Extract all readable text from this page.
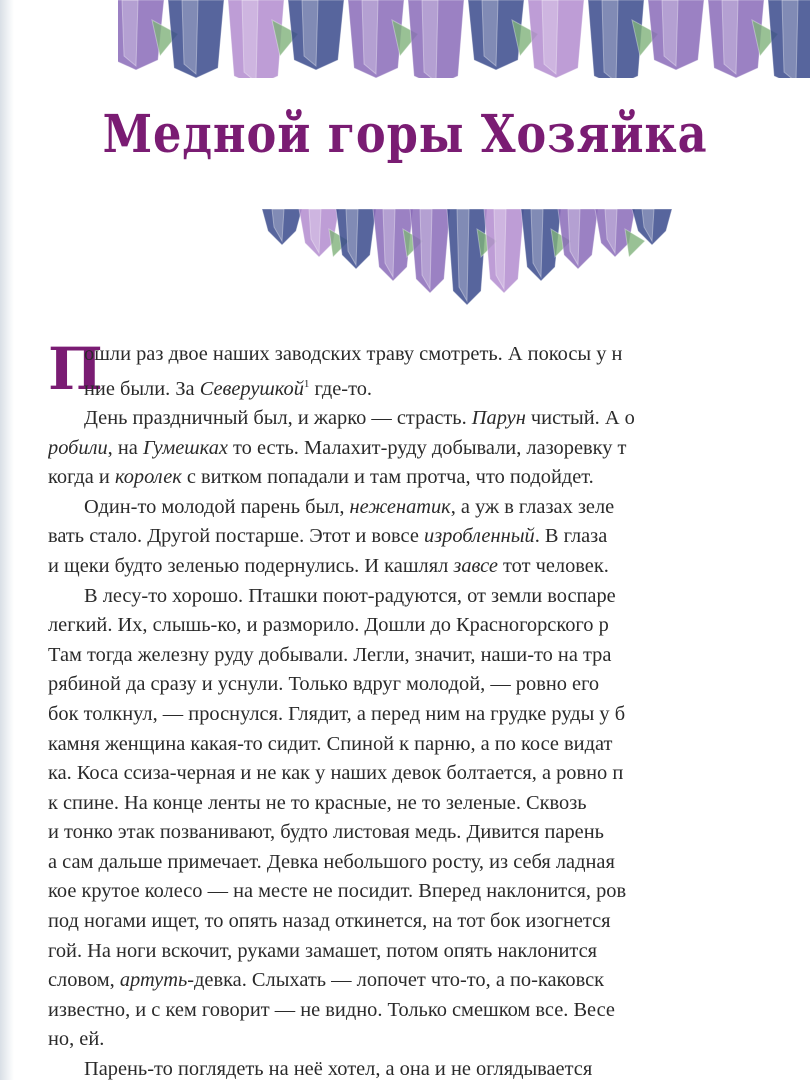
Медной горы Хозяйка
П
ошли раз двое наших заводских траву смотреть. А покосы у н
ние были. За Северушкой$^1$ где-то.
День праздничный был, и жарко — страсть. Парун чистый. А о
робили, на Гумешках то есть. Малахит-руду добывали, лазоревку т
когда и королек с витком попадали и там протча, что подойдет.
Один-то молодой парень был, неженатик, а уж в глазах зеле
вать стало. Другой постарше. Этот и вовсе изробленный. В глаза
и щеки будто зеленью подернулись. И кашлял завсе тот человек.
В лесу-то хорошо. Пташки поют-радуются, от земли воспаре
легкий. Их, слышь-ко, и разморило. Дошли до Красногорского р
Там тогда железну руду добывали. Легли, значит, наши-то на тра
рябиной да сразу и уснули. Только вдруг молодой, — ровно его
бок толкнул, — проснулся. Глядит, а перед ним на грудке руды у б
камня женщина какая-то сидит. Спиной к парню, а по косе видат
ка. Коса ссиза-черная и не как у наших девок болтается, а ровно п
к спине. На конце ленты не то красные, не то зеленые. Сквозь
и тонко этак позванивают, будто листовая медь. Дивится парень
а сам дальше примечает. Девка небольшого росту, из себя ладная
кое крутое колесо — на месте не посидит. Вперед наклонится, ров
под ногами ищет, то опять назад откинется, на тот бок изогнется
гой. На ноги вскочит, руками замашет, потом опять наклонится
словом, артуть-девка. Слыхать — лопочет что-то, а по-каковск
известно, и с кем говорит — не видно. Только смешком все. Весе
но, ей.
Парень-то поглядеть на неё хотел, а она и не оглядывается
